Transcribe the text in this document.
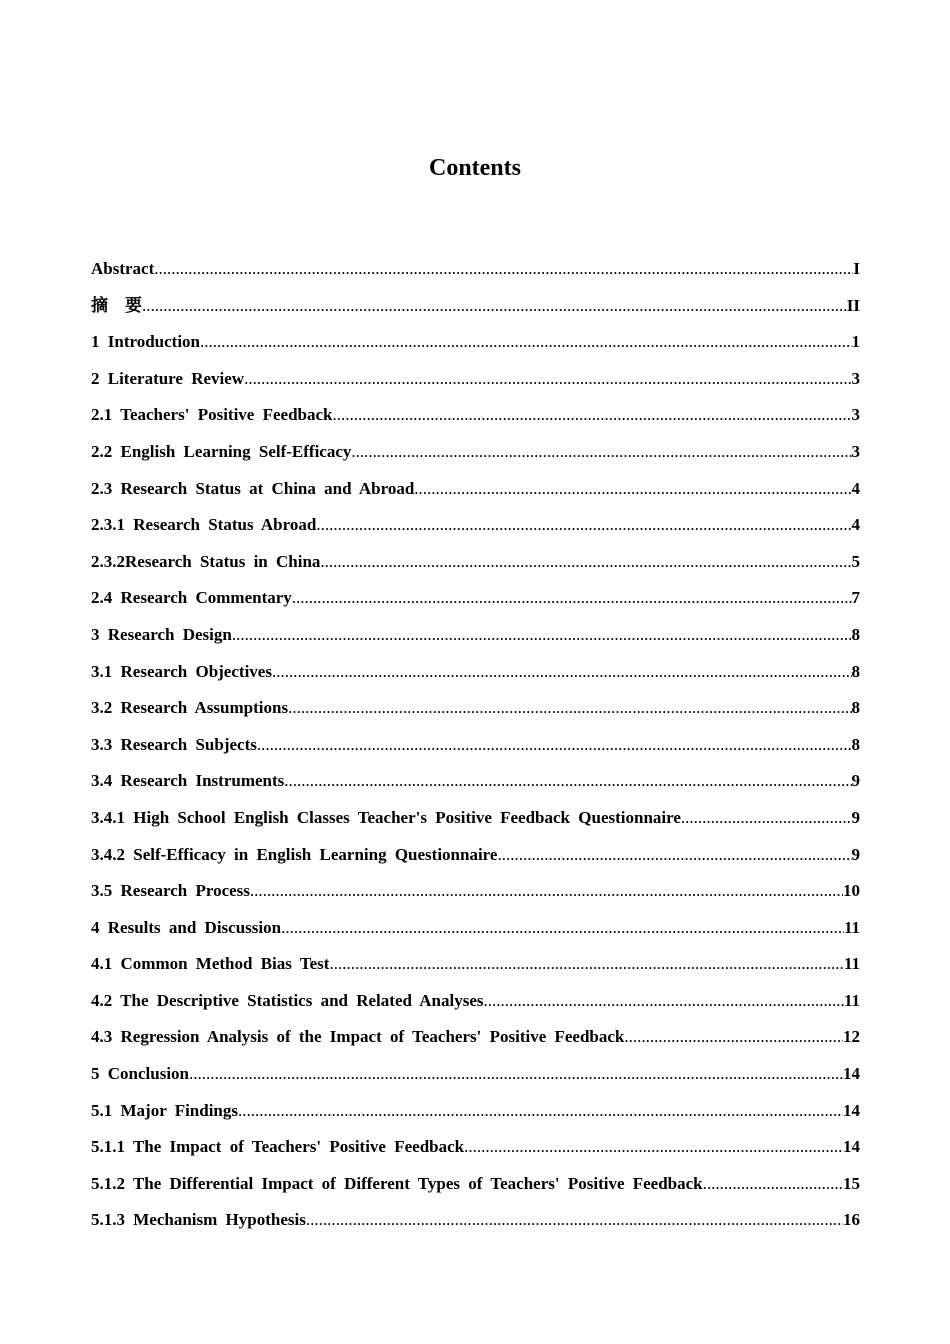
Contents
Abstract .....	I
摘　要 .....	II
1 Introduction .....	1
2 Literature Review .....	3
2.1 Teachers' Positive Feedback .....	3
2.2 English Learning Self-Efficacy .....	3
2.3 Research Status at China and Abroad .....	4
2.3.1 Research Status Abroad .....	4
2.3.2Research Status in China .....	5
2.4 Research Commentary .....	7
3 Research Design .....	8
3.1 Research Objectives .....	8
3.2 Research Assumptions .....	8
3.3 Research Subjects .....	8
3.4 Research Instruments .....	9
3.4.1 High School English Classes Teacher's Positive Feedback Questionnaire .....	9
3.4.2 Self-Efficacy in English Learning Questionnaire .....	9
3.5 Research Process .....	10
4 Results and Discussion .....	11
4.1 Common Method Bias Test .....	11
4.2 The Descriptive Statistics and Related Analyses .....	11
4.3 Regression Analysis of the Impact of Teachers' Positive Feedback .....	12
5 Conclusion .....	14
5.1 Major Findings .....	14
5.1.1 The Impact of Teachers' Positive Feedback .....	14
5.1.2 The Differential Impact of Different Types of Teachers' Positive Feedback .....	15
5.1.3 Mechanism Hypothesis .....	16
